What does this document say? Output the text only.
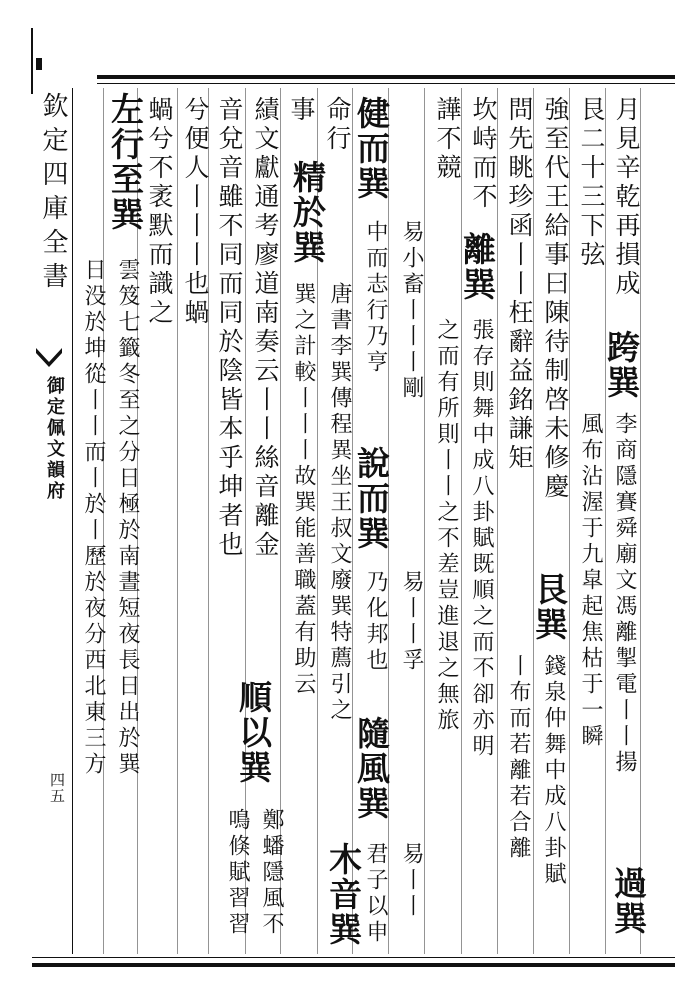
欽定四庫全書
御定佩文韻府
四五
月見辛乾再損成
跨巽
李商隱賽舜廟文馮離掣電丨丨揚
艮二十三下弦
風布沾渥于九皐起焦枯于一瞬
強至代王給事曰陳待制啓未修慶
過巽
艮巽
錢泉仲舞中成八卦賦
問先眺珍函丨丨枉辭益銘謙矩
丨布而若離若合離
坎峙而不
離巽
張存則舞中成八卦賦既順之而不卻亦明
譁不競
之而有所則丨丨之不差豈進退之無旅
健而巽
易小畜丨丨丨剛
中而志行乃亨
說而巽
易丨丨孚
乃化邦也
隨風巽
易丨丨
君子以申
命行
精於巽
唐書李巽傳程異坐王叔文廢巽特薦引之
木音巽
事
巽之計較丨丨丨故巽能善職蓋有助云
績文獻通考廖道南奏云丨丨絲音離金
順以巽
鄭蟠隱風不
音兌音雖不同而同於陰皆本乎坤者也
鳴倏賦習習
兮便人丨丨丨也蝸
蝸兮不袤默而識之
左行至巽
雲笈七籤冬至之分日極於南晝短夜長日出於巽
日没於坤從丨丨而丨於丨歷於夜分西北東三方
